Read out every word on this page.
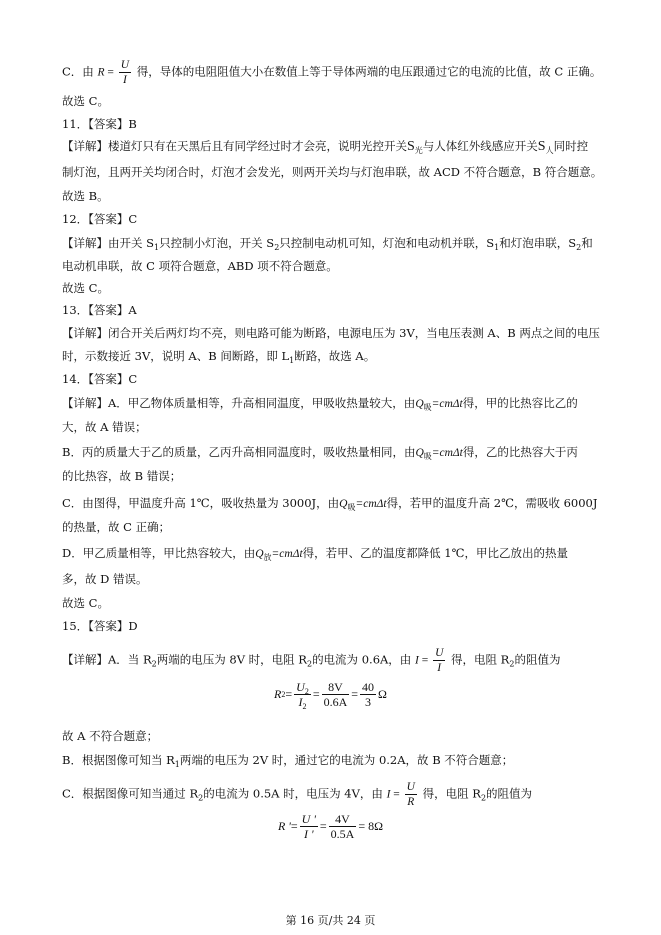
C．由 $R = \frac{U}{I}$ 得，导体的电阻阻值大小在数值上等于导体两端的电压跟通过它的电流的比值，故 C 正确。
故选 C。
11．【答案】B
【详解】楼道灯只有在天黑后且有同学经过时才会亮，说明光控开关$S_光$与人体红外线感应开关$S_人$同时控
制灯泡，且两开关均闭合时，灯泡才会发光，则两开关均与灯泡串联，故 ACD 不符合题意，B 符合题意。
故选 B。
12．【答案】C
【详解】由开关 $S_1$只控制小灯泡，开关 $S_2$只控制电动机可知，灯泡和电动机并联，$S_1$和灯泡串联，$S_2$和
电动机串联，故 C 项符合题意，ABD 项不符合题意。
故选 C。
13．【答案】A
【详解】闭合开关后两灯均不亮，则电路可能为断路，电源电压为 3V，当电压表测 A、B 两点之间的电压
时，示数接近 3V，说明 A、B 间断路，即 $L_1$断路，故选 A。
14．【答案】C
【详解】A．甲乙物体质量相等，升高相同温度，甲吸收热量较大，由$Q_吸=cm\Delta t$得，甲的比热容比乙的
大，故 A 错误；
B．丙的质量大于乙的质量，乙丙升高相同温度时，吸收热量相同，由$Q_吸=cm\Delta t$得，乙的比热容大于丙
的比热容，故 B 错误；
C．由图得，甲温度升高 1℃，吸收热量为 3000J，由$Q_吸=cm\Delta t$得，若甲的温度升高 2℃，需吸收 6000J
的热量，故 C 正确；
D．甲乙质量相等，甲比热容较大，由$Q_放=cm\Delta t$得，若甲、乙的温度都降低 1℃，甲比乙放出的热量
多，故 D 错误。
故选 C。
15．【答案】D
【详解】A．当 $R_2$两端的电压为 8V 时，电阻 $R_2$的电流为 0.6A，由 $I = \frac{U}{I}$ 得，电阻 $R_2$的阻值为
R $2 = \frac{U_2}{I_2} = \frac{8V}{0.6A} = \frac{40}{3}$ Ω
故 A 不符合题意；
B．根据图像可知当 $R_1$两端的电压为 2V 时，通过它的电流为 0.2A，故 B 不符合题意；
C．根据图像可知当通过 $R_2$的电流为 0.5A 时，电压为 4V，由 $I = \frac{U}{R}$ 得，电阻 $R_2$的阻值为
R ' = $\frac{U '}{I '} = \frac{4V}{0.5A} = 8\Omega$
第 16 页/共 24 页
